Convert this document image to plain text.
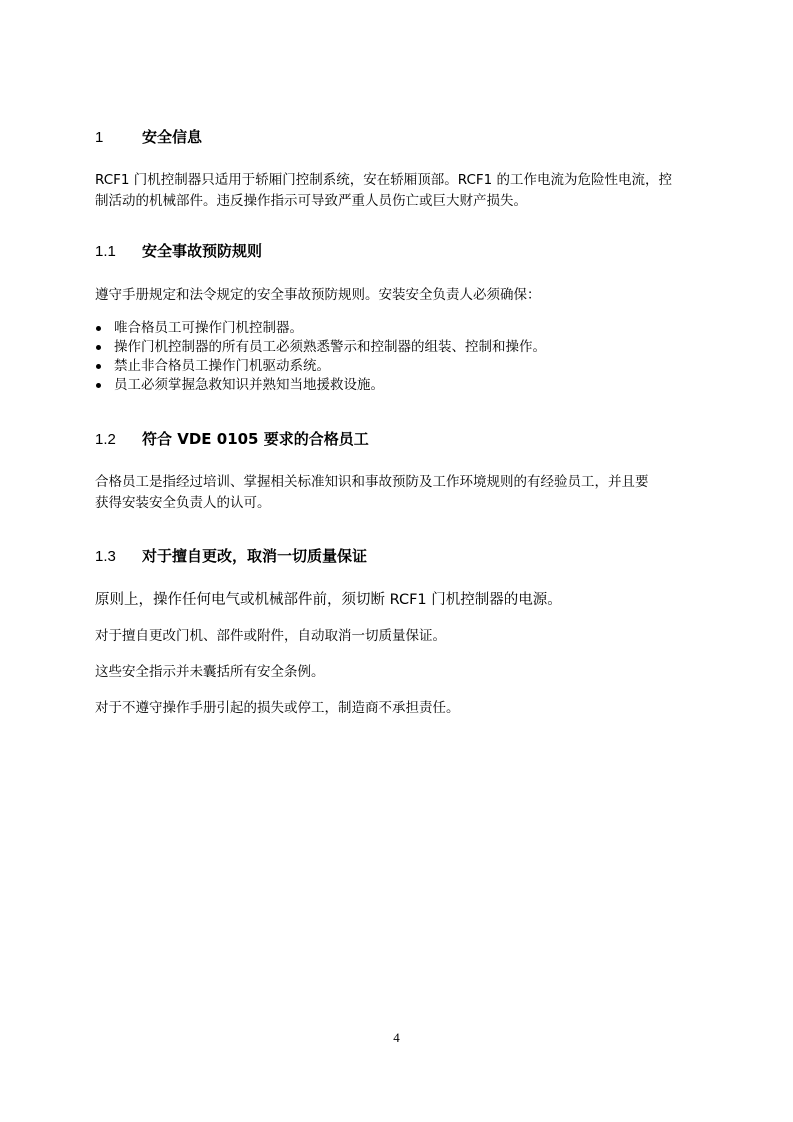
1	安全信息
RCF1 门机控制器只适用于轿厢门控制系统，安在轿厢顶部。RCF1 的工作电流为危险性电流，控
制活动的机械部件。违反操作指示可导致严重人员伤亡或巨大财产损失。
1.1 安全事故预防规则
遵守手册规定和法令规定的安全事故预防规则。安装安全负责人必须确保：
唯合格员工可操作门机控制器。
操作门机控制器的所有员工必须熟悉警示和控制器的组装、控制和操作。
禁止非合格员工操作门机驱动系统。
员工必须掌握急救知识并熟知当地援救设施。
1.2 符合 VDE 0105 要求的合格员工
合格员工是指经过培训、掌握相关标准知识和事故预防及工作环境规则的有经验员工，并且要
获得安装安全负责人的认可。
1.3 对于擅自更改，取消一切质量保证
原则上，操作任何电气或机械部件前，须切断 RCF1 门机控制器的电源。
对于擅自更改门机、部件或附件，自动取消一切质量保证。
这些安全指示并未囊括所有安全条例。
对于不遵守操作手册引起的损失或停工，制造商不承担责任。
4
